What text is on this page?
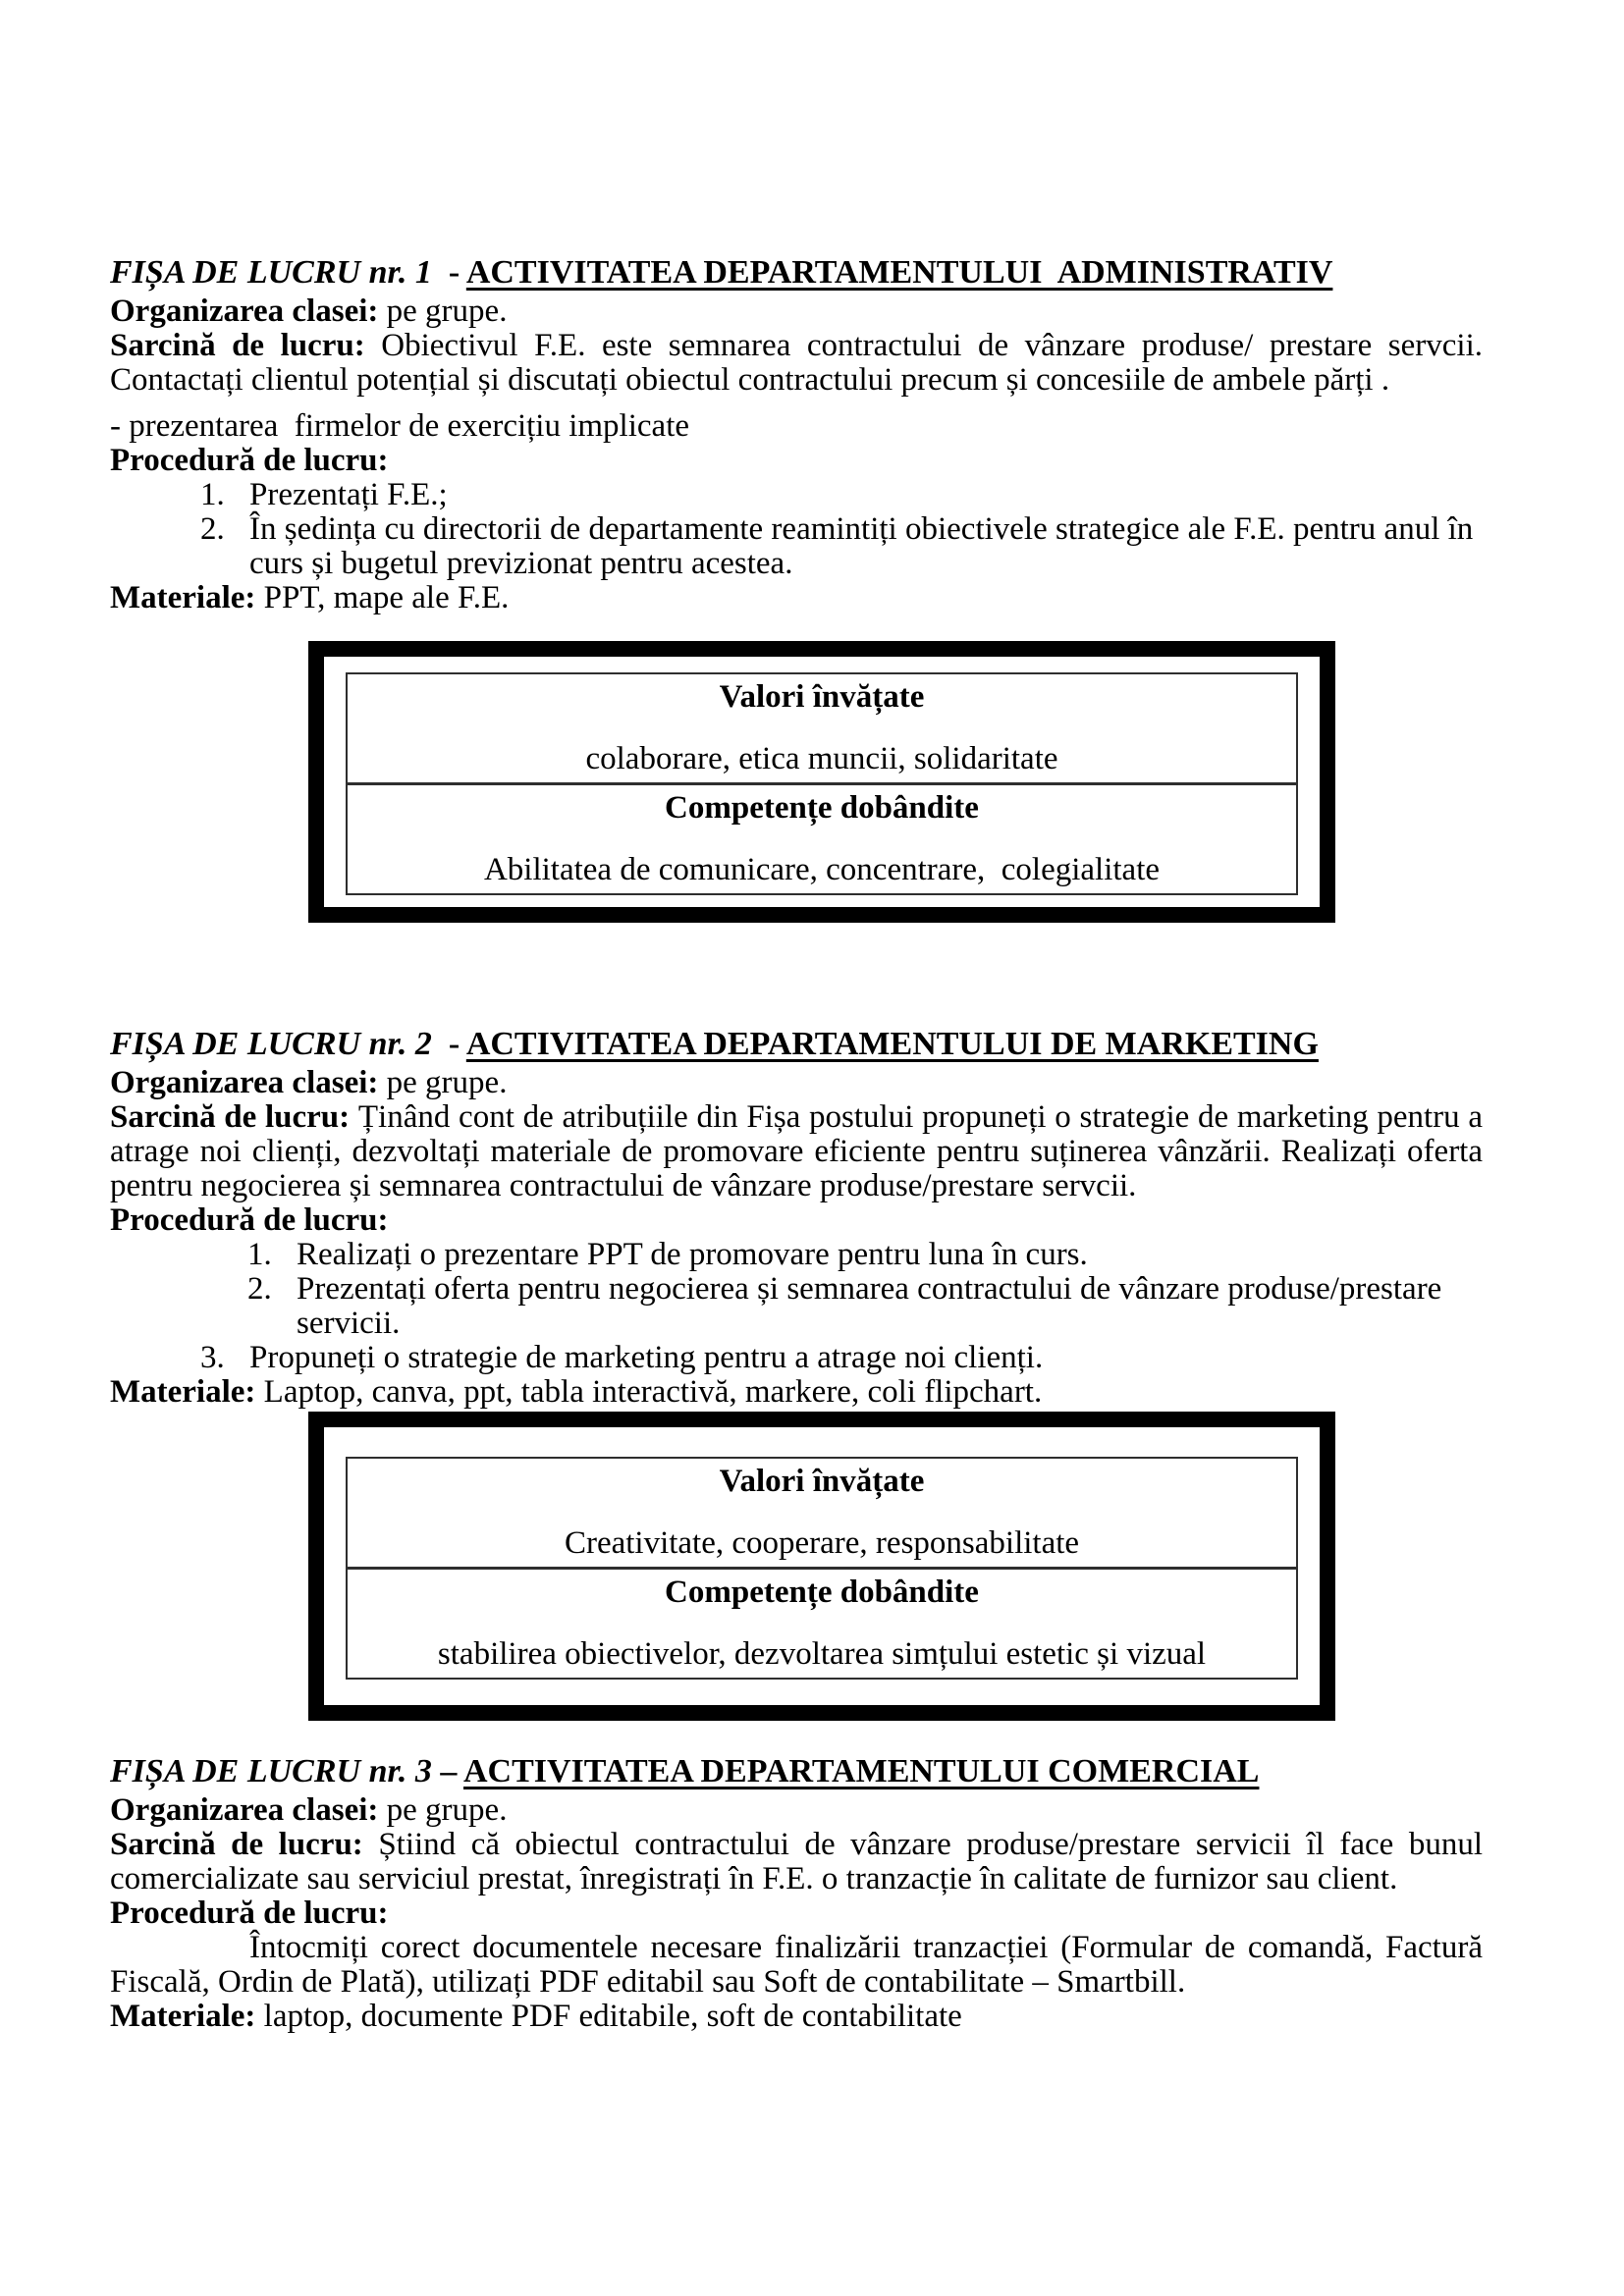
FIȘA DE LUCRU nr. 1  - ACTIVITATEA DEPARTAMENTULUI  ADMINISTRATIV

Organizarea clasei: pe grupe.

Sarcină de lucru: Obiectivul F.E. este semnarea contractului de vânzare produse/ prestare servcii. Contactați clientul potențial și discutați obiectul contractului precum și concesiile de ambele părți .

- prezentarea  firmelor de exercițiu implicate

Procedură de lucru:

1. Prezentați F.E.;
2. În ședința cu directorii de departamente reamintiți obiectivele strategice ale F.E. pentru anul în curs și bugetul previzionat pentru acestea.

Materiale: PPT, mape ale F.E.

Valori învățate

colaborare, etica muncii, solidaritate

Competențe dobândite

Abilitatea de comunicare, concentrare,  colegialitate

FIȘA DE LUCRU nr. 2  - ACTIVITATEA DEPARTAMENTULUI DE MARKETING

Organizarea clasei: pe grupe.

Sarcină de lucru: Ținând cont de atribuțiile din Fișa postului propuneți o strategie de marketing pentru a atrage noi clienți, dezvoltați materiale de promovare eficiente pentru suținerea vânzării. Realizați oferta pentru negocierea și semnarea contractului de vânzare produse/prestare servcii.

Procedură de lucru:

1. Realizați o prezentare PPT de promovare pentru luna în curs.
2. Prezentați oferta pentru negocierea și semnarea contractului de vânzare produse/prestare servicii.
3. Propuneți o strategie de marketing pentru a atrage noi clienți.

Materiale: Laptop, canva, ppt, tabla interactivă, markere, coli flipchart.

Valori învățate

Creativitate, cooperare, responsabilitate

Competențe dobândite

stabilirea obiectivelor, dezvoltarea simțului estetic și vizual

FIȘA DE LUCRU nr. 3 – ACTIVITATEA DEPARTAMENTULUI COMERCIAL

Organizarea clasei: pe grupe.

Sarcină de lucru: Știind că obiectul contractului de vânzare produse/prestare servicii îl face bunul comercializate sau serviciul prestat, înregistrați în F.E. o tranzacție în calitate de furnizor sau client.

Procedură de lucru:

Întocmiți corect documentele necesare finalizării tranzacției (Formular de comandă, Factură Fiscală, Ordin de Plată), utilizați PDF editabil sau Soft de contabilitate – Smartbill.

Materiale: laptop, documente PDF editabile, soft de contabilitate
